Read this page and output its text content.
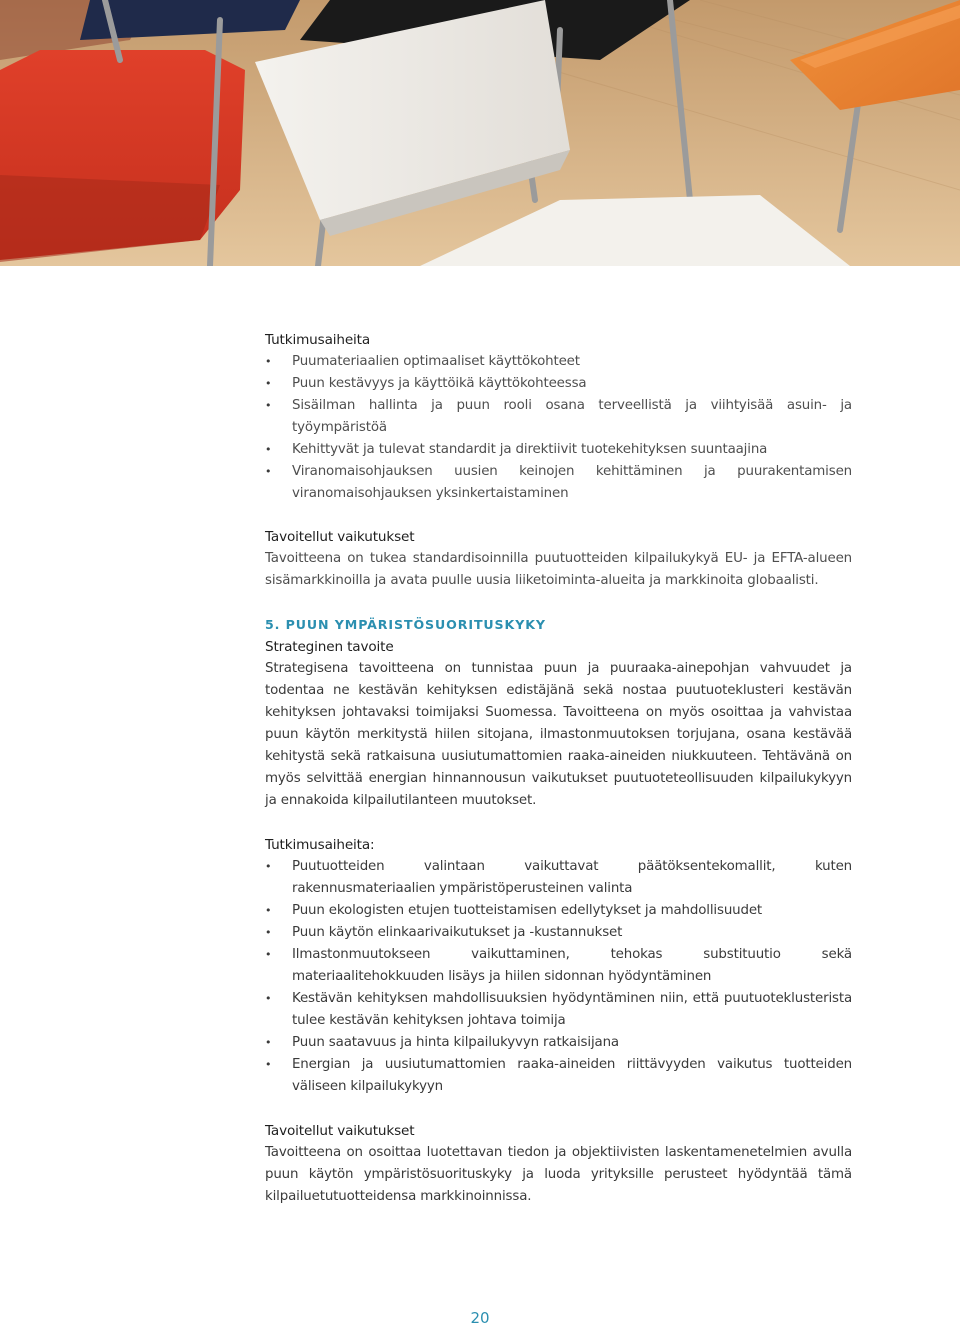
Tutkimusaiheita
• Puumateriaalien optimaaliset käyttökohteet
• Puun kestävyys ja käyttöikä käyttökohteessa
• Sisäilman hallinta ja puun rooli osana terveellistä ja viihtyisää asuin- ja työympäristöä
• Kehittyvät ja tulevat standardit ja direktiivit tuotekehityksen suuntaajina
• Viranomaisohjauksen uusien keinojen kehittäminen ja puurakentamisen viranomaisohjauksen yksinkertaistaminen
Tavoitellut vaikutukset

Tavoitteena on tukea standardisoinnilla puutuotteiden kilpailukykyä EU- ja EFTA-alueen sisämarkkinoilla ja avata puulle uusia liiketoiminta-alueita ja markkinoita globaalisti.

5. PUUN YMPÄRISTÖSUORITUSKYKY
Strateginen tavoite

Strategisena tavoitteena on tunnistaa puun ja puuraaka-ainepohjan vahvuudet ja todentaa ne kestävän kehityksen edistäjänä sekä nostaa puutuoteklusteri kestävän kehityksen johtavaksi toimijaksi Suomessa. Tavoitteena on myös osoittaa ja vahvistaa puun käytön merkitystä hiilen sitojana, ilmastonmuutoksen torjujana, osana kestävää kehitystä sekä ratkaisuna uusiutumattomien raaka-aineiden niukkuuteen. Tehtävänä on myös selvittää energian hinnannousun vaikutukset puutuoteteollisuuden kilpailukykyyn ja ennakoida kilpailutilanteen muutokset.

Tutkimusaiheita:
• Puutuotteiden valintaan vaikuttavat päätöksentekomallit, kuten rakennusmateriaalien ympäristöperusteinen valinta
• Puun ekologisten etujen tuotteistamisen edellytykset ja mahdollisuudet
• Puun käytön elinkaarivaikutukset ja -kustannukset
• Ilmastonmuutokseen vaikuttaminen, tehokas substituutio sekä materiaalitehokkuuden lisäys ja hiilen sidonnan hyödyntäminen
• Kestävän kehityksen mahdollisuuksien hyödyntäminen niin, että puutuoteklusterista tulee kestävän kehityksen johtava toimija
• Puun saatavuus ja hinta kilpailukyvyn ratkaisijana
• Energian ja uusiutumattomien raaka-aineiden riittävyyden vaikutus tuotteiden väliseen kilpailukykyyn
Tavoitellut vaikutukset

Tavoitteena on osoittaa luotettavan tiedon ja objektiivisten laskentamenetelmien avulla puun käytön ympäristösuorituskyky ja luoda yrityksille perusteet hyödyntää tämä kilpailuetutuotteidensa markkinoinnissa.

20
